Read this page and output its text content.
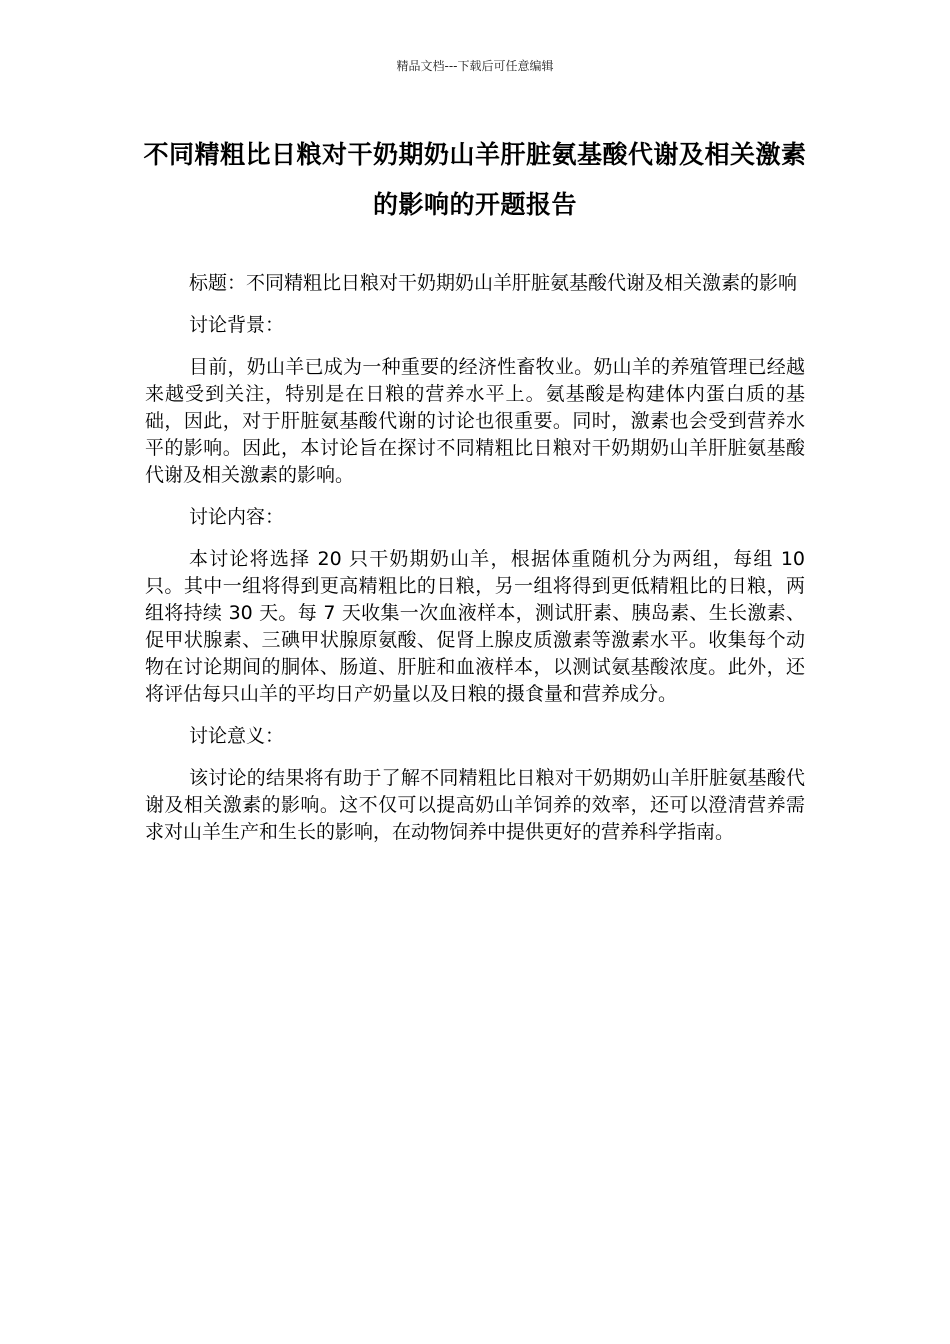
精品文档---下载后可任意编辑
不同精粗比日粮对干奶期奶山羊肝脏氨基酸代谢及相关激素的影响的开题报告

标题：不同精粗比日粮对干奶期奶山羊肝脏氨基酸代谢及相关激素的影响

讨论背景：

目前，奶山羊已成为一种重要的经济性畜牧业。奶山羊的养殖管理已经越来越受到关注，特别是在日粮的营养水平上。氨基酸是构建体内蛋白质的基础，因此，对于肝脏氨基酸代谢的讨论也很重要。同时，激素也会受到营养水平的影响。因此，本讨论旨在探讨不同精粗比日粮对干奶期奶山羊肝脏氨基酸代谢及相关激素的影响。

讨论内容：

本讨论将选择 20 只干奶期奶山羊，根据体重随机分为两组，每组 10 只。其中一组将得到更高精粗比的日粮，另一组将得到更低精粗比的日粮，两组将持续 30 天。每 7 天收集一次血液样本，测试肝素、胰岛素、生长激素、促甲状腺素、三碘甲状腺原氨酸、促肾上腺皮质激素等激素水平。收集每个动物在讨论期间的胴体、肠道、肝脏和血液样本，以测试氨基酸浓度。此外，还将评估每只山羊的平均日产奶量以及日粮的摄食量和营养成分。

讨论意义：

该讨论的结果将有助于了解不同精粗比日粮对干奶期奶山羊肝脏氨基酸代谢及相关激素的影响。这不仅可以提高奶山羊饲养的效率，还可以澄清营养需求对山羊生产和生长的影响，在动物饲养中提供更好的营养科学指南。
